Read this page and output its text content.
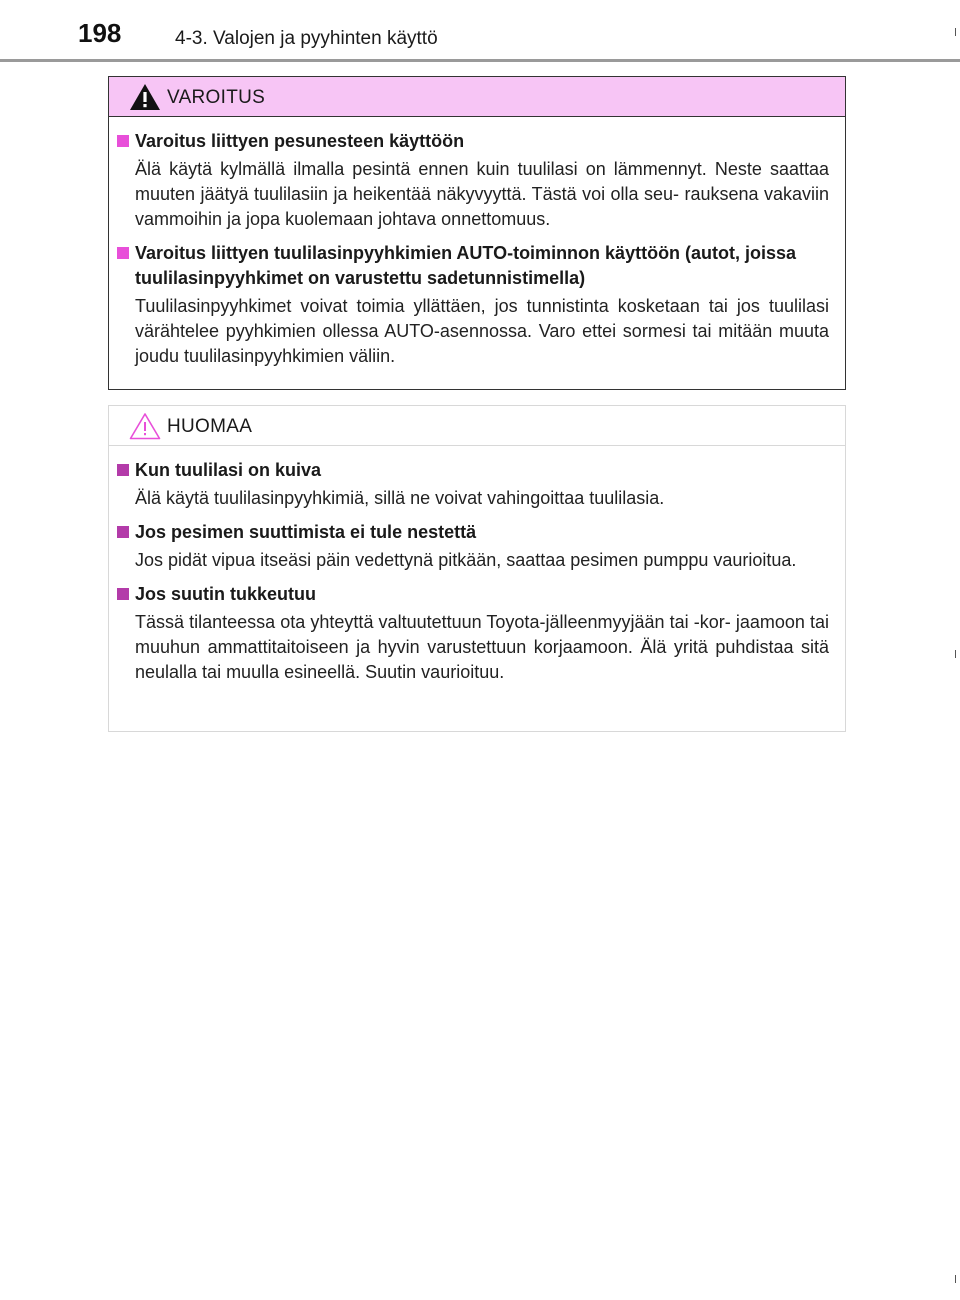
198	4-3. Valojen ja pyyhinten käyttö
VAROITUS
Varoitus liittyen pesunesteen käyttöön
Älä käytä kylmällä ilmalla pesintä ennen kuin tuulilasi on lämmennyt. Neste saattaa muuten jäätyä tuulilasiin ja heikentää näkyvyyttä. Tästä voi olla seu- rauksena vakaviin vammoihin ja jopa kuolemaan johtava onnettomuus.
Varoitus liittyen tuulilasinpyyhkimien AUTO-toiminnon käyttöön (autot, joissa tuulilasinpyyhkimet on varustettu sadetunnistimella)
Tuulilasinpyyhkimet voivat toimia yllättäen, jos tunnistinta kosketaan tai jos tuulilasi värähtelee pyyhkimien ollessa AUTO-asennossa. Varo ettei sormesi tai mitään muuta joudu tuulilasinpyyhkimien väliin.
HUOMAA
Kun tuulilasi on kuiva
Älä käytä tuulilasinpyyhkimiä, sillä ne voivat vahingoittaa tuulilasia.
Jos pesimen suuttimista ei tule nestettä
Jos pidät vipua itseäsi päin vedettynä pitkään, saattaa pesimen pumppu vaurioitua.
Jos suutin tukkeutuu
Tässä tilanteessa ota yhteyttä valtuutettuun Toyota-jälleenmyyjään tai -kor- jaamoon tai muuhun ammattitaitoiseen ja hyvin varustettuun korjaamoon. Älä yritä puhdistaa sitä neulalla tai muulla esineellä. Suutin vaurioituu.
